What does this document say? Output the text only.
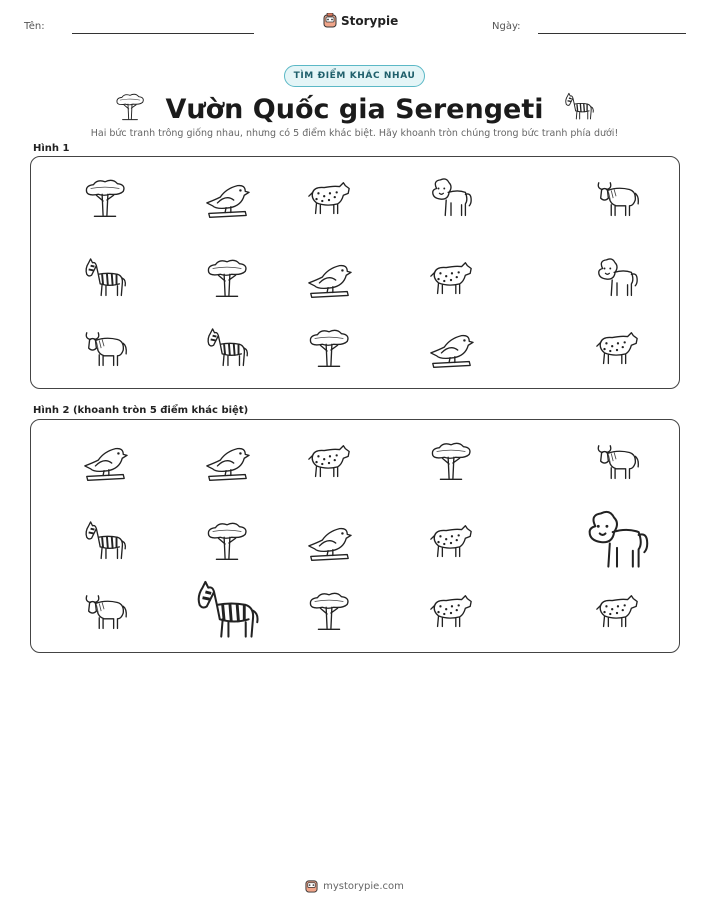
Tên:	Storypie	Ngày:
TÌM ĐIỂM KHÁC NHAU
Vườn Quốc gia Serengeti
Hai bức tranh trông giống nhau, nhưng có 5 điểm khác biệt. Hãy khoanh tròn chúng trong bức tranh phía dưới!
Hình 1
Hình 2 (khoanh tròn 5 điểm khác biệt)
mystorypie.com
